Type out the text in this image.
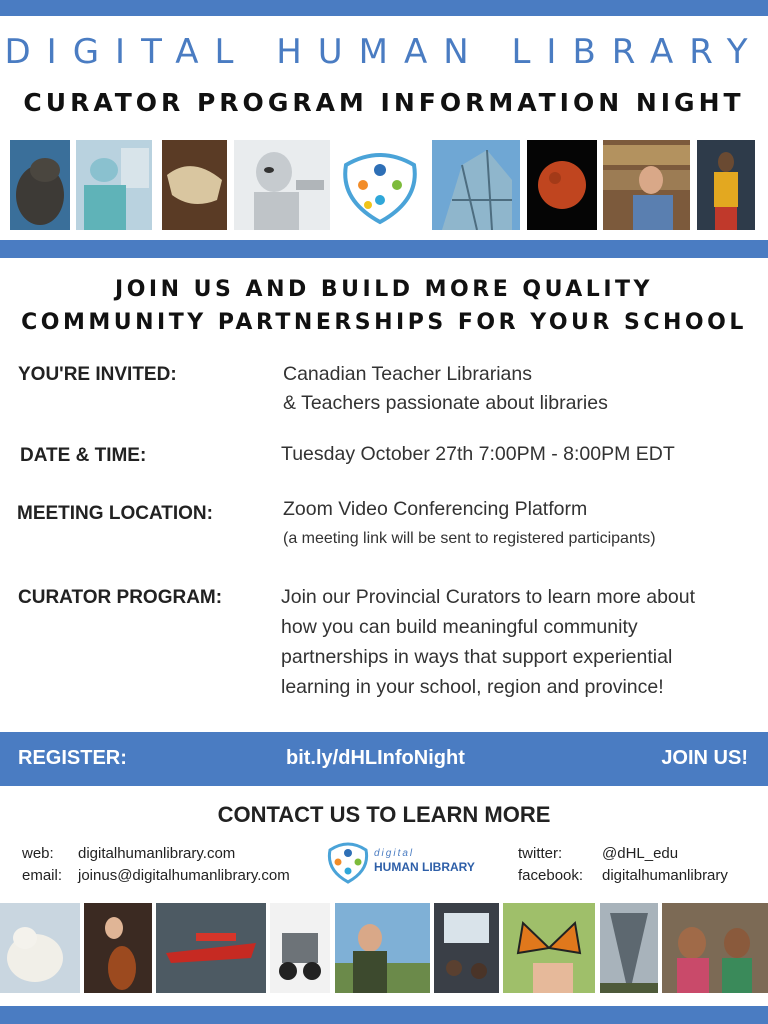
DIGITAL HUMAN LIBRARY
CURATOR PROGRAM INFORMATION NIGHT
JOIN US AND BUILD MORE QUALITY
COMMUNITY PARTNERSHIPS FOR YOUR SCHOOL
YOU'RE INVITED:	Canadian Teacher Librarians
& Teachers passionate about libraries
DATE & TIME:	Tuesday October 27th 7:00PM - 8:00PM EDT
MEETING LOCATION:	Zoom Video Conferencing Platform
(a meeting link will be sent to registered participants)
CURATOR PROGRAM:	Join our Provincial Curators to learn more about
how you can build meaningful community
partnerships in ways that support experiential
learning in your school, region and province!
REGISTER:	bit.ly/dHLInfoNight	JOIN US!
CONTACT US TO LEARN MORE
web: digitalhumanlibrary.com
email: joinus@digitalhumanlibrary.com
digital
HUMAN LIBRARY
twitter:	@dHL_edu
facebook: digitalhumanlibrary
